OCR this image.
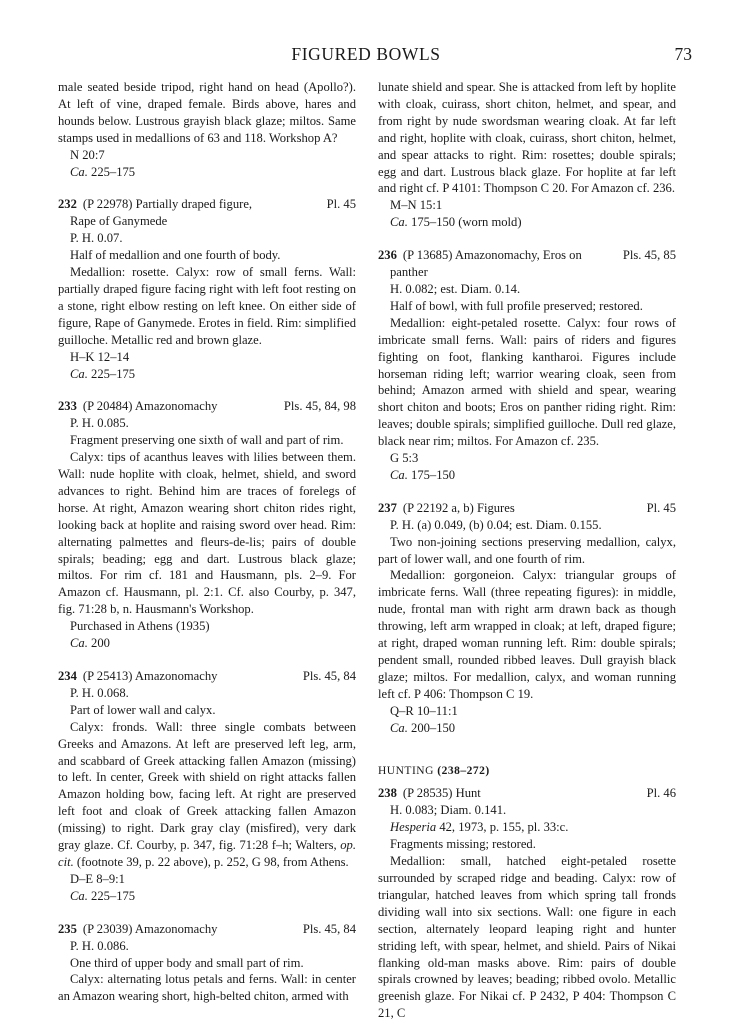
FIGURED BOWLS	73

male seated beside tripod, right hand on head (Apollo?). At left of vine, draped female. Birds above, hares and hounds below. Lustrous grayish black glaze; miltos. Same stamps used in medallions of 63 and 118. Workshop A?

N 20:7

Ca. 225–175

232 (P 22978) Partially draped figure,	Pl. 45

Rape of Ganymede

P. H. 0.07.

Half of medallion and one fourth of body.

Medallion: rosette. Calyx: row of small ferns. Wall: partially draped figure facing right with left foot resting on a stone, right elbow resting on left knee. On either side of figure, Rape of Ganymede. Erotes in field. Rim: simplified guilloche. Metallic red and brown glaze.

H–K 12–14

Ca. 225–175

233 (P 20484) Amazonomachy	Pls. 45, 84, 98

P. H. 0.085.

Fragment preserving one sixth of wall and part of rim.

Calyx: tips of acanthus leaves with lilies between them. Wall: nude hoplite with cloak, helmet, shield, and sword advances to right. Behind him are traces of forelegs of horse. At right, Amazon wearing short chiton rides right, looking back at hoplite and raising sword over head. Rim: alternating palmettes and fleurs-de-lis; pairs of double spirals; beading; egg and dart. Lustrous black glaze; miltos. For rim cf. 181 and Hausmann, pls. 2–9. For Amazon cf. Hausmann, pl. 2:1. Cf. also Courby, p. 347, fig. 71:28 b, n. Hausmann's Workshop.

Purchased in Athens (1935)

Ca. 200

234 (P 25413) Amazonomachy	Pls. 45, 84

P. H. 0.068.

Part of lower wall and calyx.

Calyx: fronds. Wall: three single combats between Greeks and Amazons. At left are preserved left leg, arm, and scabbard of Greek attacking fallen Amazon (missing) to left. In center, Greek with shield on right attacks fallen Amazon holding bow, facing left. At right are preserved left foot and cloak of Greek attacking fallen Amazon (missing) to right. Dark gray clay (misfired), very dark gray glaze. Cf. Courby, p. 347, fig. 71:28 f–h; Walters, op. cit. (footnote 39, p. 22 above), p. 252, G 98, from Athens.

D–E 8–9:1

Ca. 225–175

235 (P 23039) Amazonomachy	Pls. 45, 84

P. H. 0.086.

One third of upper body and small part of rim.

Calyx: alternating lotus petals and ferns. Wall: in center an Amazon wearing short, high-belted chiton, armed with

lunate shield and spear. She is attacked from left by hoplite with cloak, cuirass, short chiton, helmet, and spear, and from right by nude swordsman wearing cloak. At far left and right, hoplite with cloak, cuirass, short chiton, helmet, and spear attacks to right. Rim: rosettes; double spirals; egg and dart. Lustrous black glaze. For hoplite at far left and right cf. P 4101: Thompson C 20. For Amazon cf. 236.

M–N 15:1

Ca. 175–150 (worn mold)

236 (P 13685) Amazonomachy, Eros on	Pls. 45, 85

panther

H. 0.082; est. Diam. 0.14.

Half of bowl, with full profile preserved; restored.

Medallion: eight-petaled rosette. Calyx: four rows of imbricate small ferns. Wall: pairs of riders and figures fighting on foot, flanking kantharoi. Figures include horseman riding left; warrior wearing cloak, seen from behind; Amazon armed with shield and spear, wearing short chiton and boots; Eros on panther riding right. Rim: leaves; double spirals; simplified guilloche. Dull red glaze, black near rim; miltos. For Amazon cf. 235.

G 5:3

Ca. 175–150

237 (P 22192 a, b) Figures	Pl. 45

P. H. (a) 0.049, (b) 0.04; est. Diam. 0.155.

Two non-joining sections preserving medallion, calyx, part of lower wall, and one fourth of rim.

Medallion: gorgoneion. Calyx: triangular groups of imbricate ferns. Wall (three repeating figures): in middle, nude, frontal man with right arm drawn back as though throwing, left arm wrapped in cloak; at left, draped figure; at right, draped woman running left. Rim: double spirals; pendent small, rounded ribbed leaves. Dull grayish black glaze; miltos. For medallion, calyx, and woman running left cf. P 406: Thompson C 19.

Q–R 10–11:1

Ca. 200–150

HUNTING (238–272)
238 (P 28535) Hunt	Pl. 46

H. 0.083; Diam. 0.141.

Hesperia 42, 1973, p. 155, pl. 33:c.

Fragments missing; restored.

Medallion: small, hatched eight-petaled rosette surrounded by scraped ridge and beading. Calyx: row of triangular, hatched leaves from which spring tall fronds dividing wall into six sections. Wall: one figure in each section, alternately leopard leaping right and hunter striding left, with spear, helmet, and shield. Pairs of Nikai flanking old-man masks above. Rim: pairs of double spirals crowned by leaves; beading; ribbed ovolo. Metallic greenish glaze. For Nikai cf. P 2432, P 404: Thompson C 21, C
